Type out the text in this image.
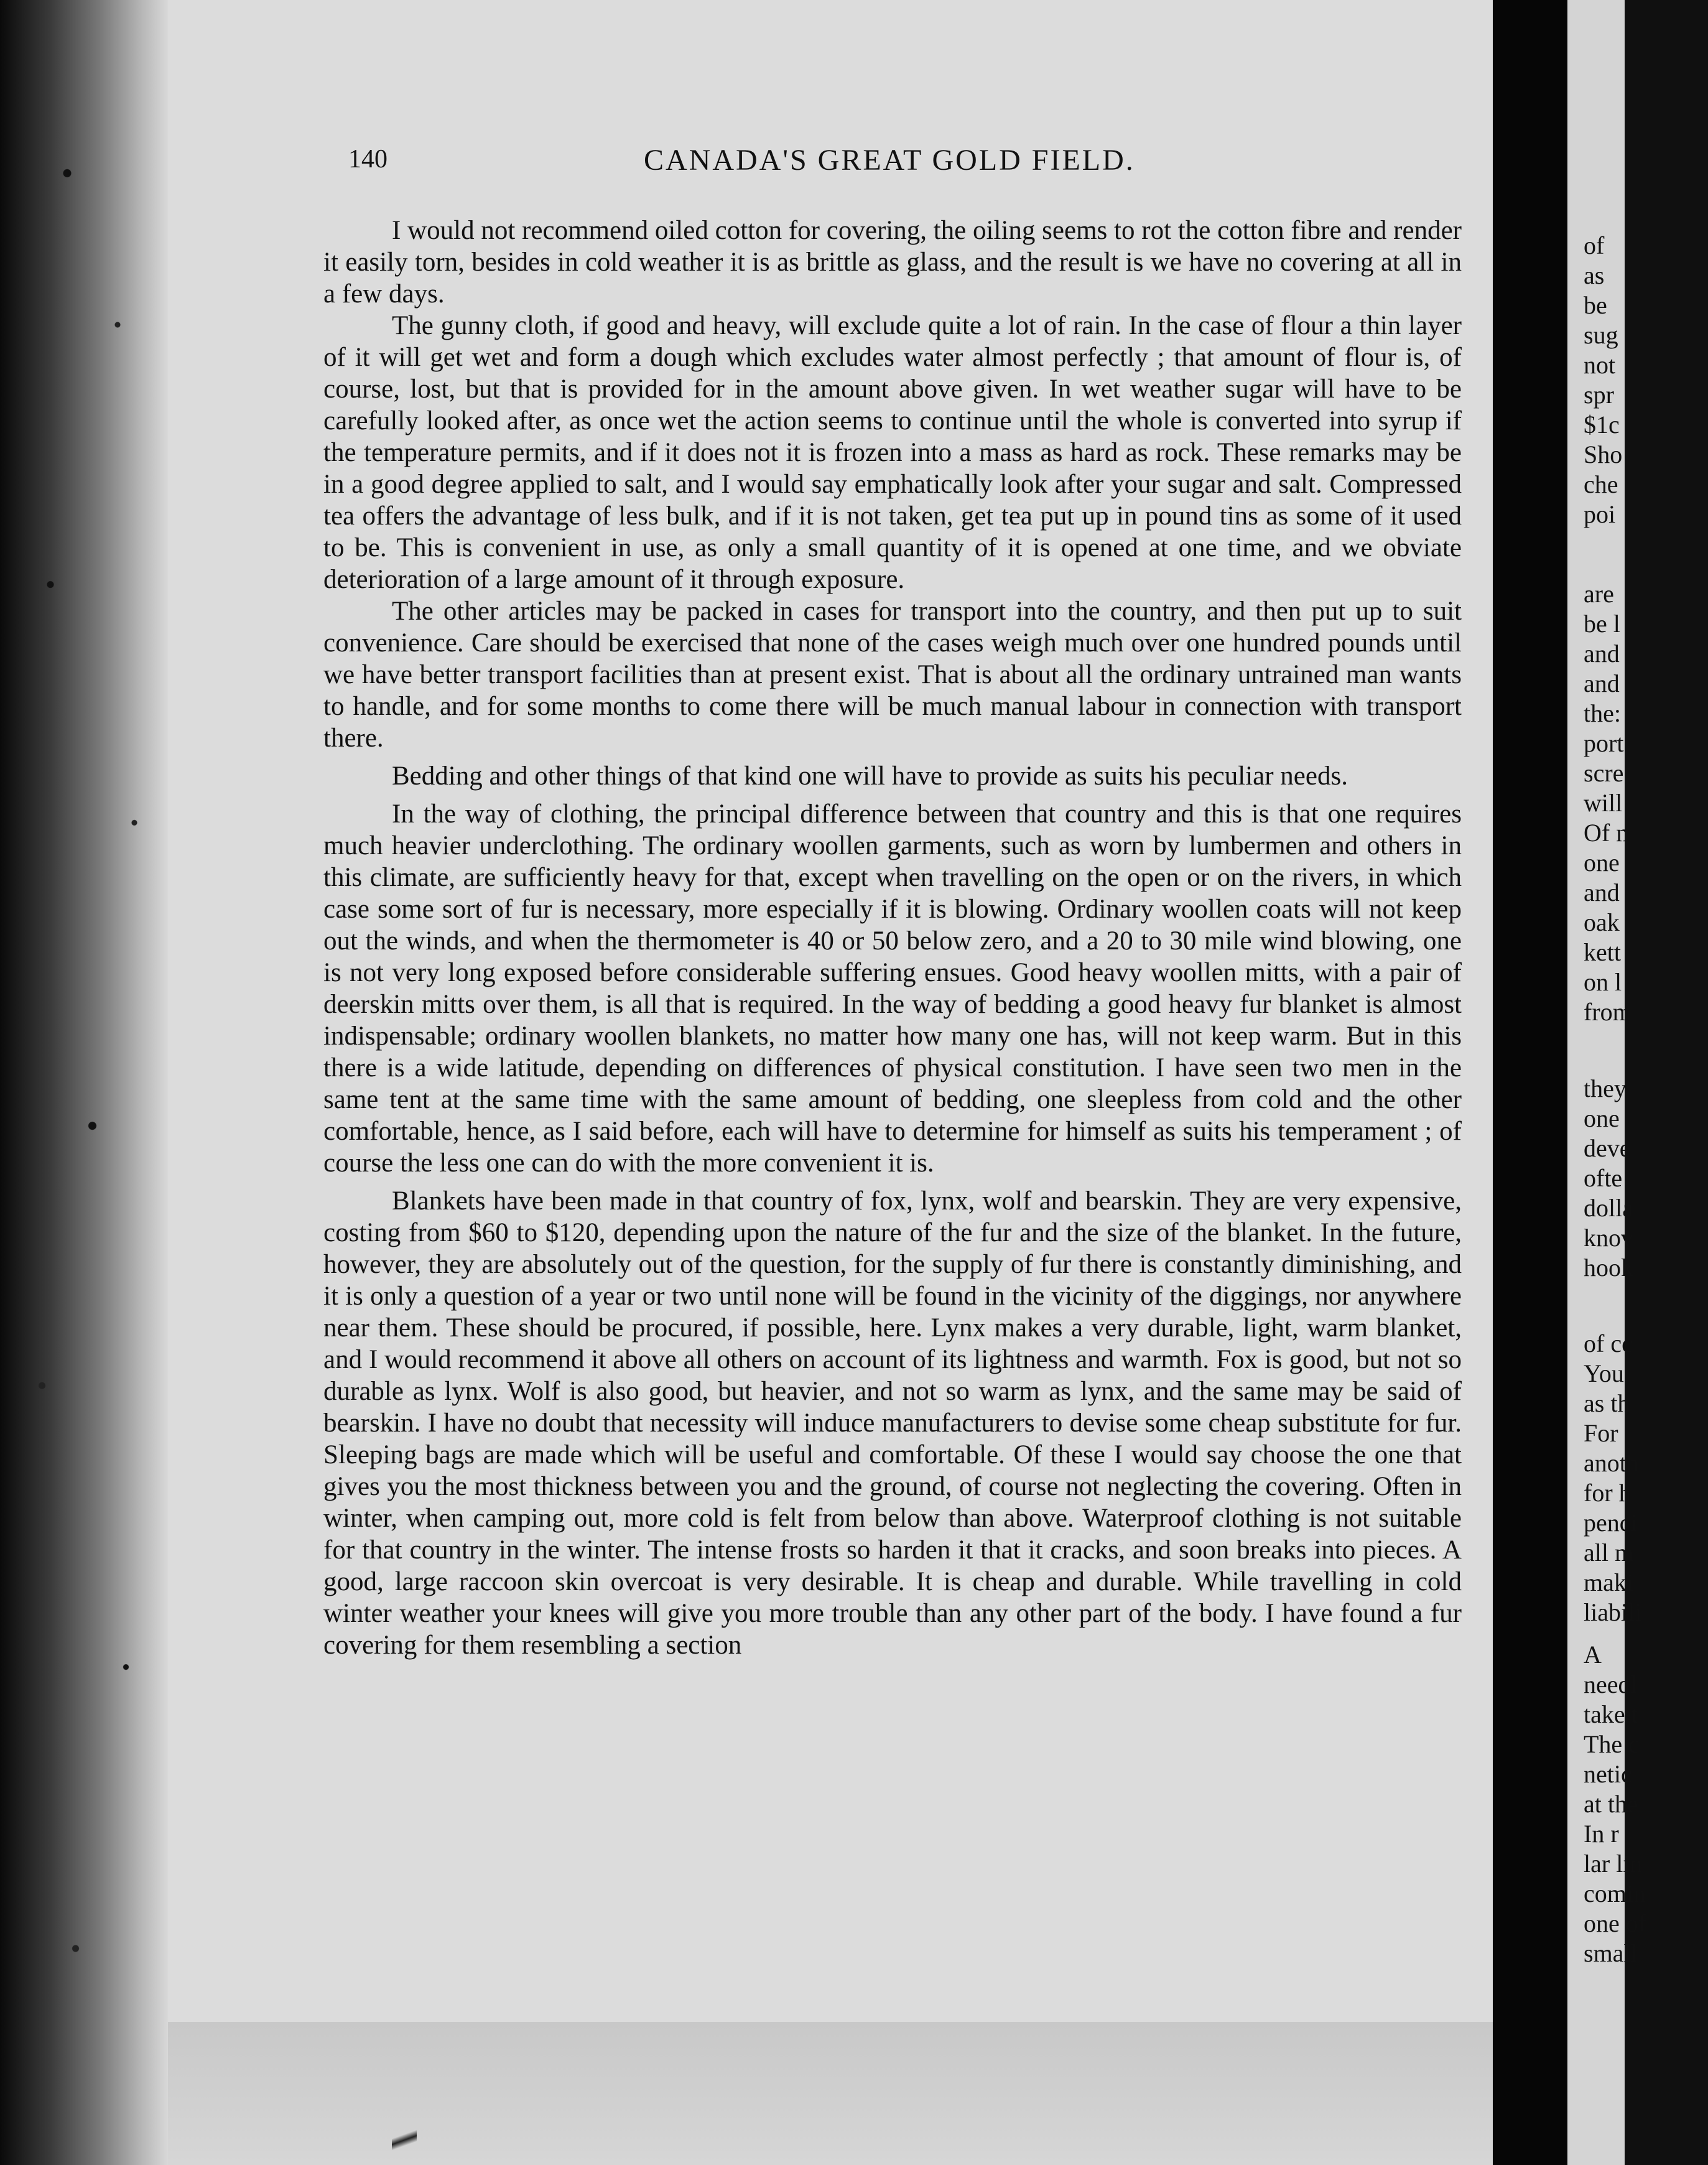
140	CANADA'S GREAT GOLD FIELD.

I would not recommend oiled cotton for covering, the oiling seems to rot the cotton fibre and render it easily torn, besides in cold weather it is as brittle as glass, and the result is we have no covering at all in a few days.

The gunny cloth, if good and heavy, will exclude quite a lot of rain. In the case of flour a thin layer of it will get wet and form a dough which excludes water almost perfectly ; that amount of flour is, of course, lost, but that is provided for in the amount above given. In wet weather sugar will have to be carefully looked after, as once wet the action seems to continue until the whole is converted into syrup if the temperature permits, and if it does not it is frozen into a mass as hard as rock. These remarks may be in a good degree applied to salt, and I would say emphatically look after your sugar and salt. Compressed tea offers the advantage of less bulk, and if it is not taken, get tea put up in pound tins as some of it used to be. This is convenient in use, as only a small quantity of it is opened at one time, and we obviate deterioration of a large amount of it through exposure.

The other articles may be packed in cases for transport into the country, and then put up to suit convenience. Care should be exercised that none of the cases weigh much over one hundred pounds until we have better transport facilities than at present exist. That is about all the ordinary untrained man wants to handle, and for some months to come there will be much manual labour in connection with transport there.

Bedding and other things of that kind one will have to provide as suits his peculiar needs.

In the way of clothing, the principal difference between that country and this is that one requires much heavier underclothing. The ordinary woollen garments, such as worn by lumbermen and others in this climate, are sufficiently heavy for that, except when travelling on the open or on the rivers, in which case some sort of fur is necessary, more especially if it is blowing. Ordinary woollen coats will not keep out the winds, and when the thermometer is 40 or 50 below zero, and a 20 to 30 mile wind blowing, one is not very long exposed before considerable suffering ensues. Good heavy woollen mitts, with a pair of deerskin mitts over them, is all that is required. In the way of bedding a good heavy fur blanket is almost indispensable; ordinary woollen blankets, no matter how many one has, will not keep warm. But in this there is a wide latitude, depending on differences of physical constitution. I have seen two men in the same tent at the same time with the same amount of bedding, one sleepless from cold and the other comfortable, hence, as I said before, each will have to determine for himself as suits his temperament ; of course the less one can do with the more convenient it is.

Blankets have been made in that country of fox, lynx, wolf and bearskin. They are very expensive, costing from $60 to $120, depending upon the nature of the fur and the size of the blanket. In the future, however, they are absolutely out of the question, for the supply of fur there is constantly diminishing, and it is only a question of a year or two until none will be found in the vicinity of the diggings, nor anywhere near them. These should be procured, if possible, here. Lynx makes a very durable, light, warm blanket, and I would recommend it above all others on account of its lightness and warmth. Fox is good, but not so durable as lynx. Wolf is also good, but heavier, and not so warm as lynx, and the same may be said of bearskin. I have no doubt that necessity will induce manufacturers to devise some cheap substitute for fur. Sleeping bags are made which will be useful and comfortable. Of these I would say choose the one that gives you the most thickness between you and the ground, of course not neglecting the covering. Often in winter, when camping out, more cold is felt from below than above. Waterproof clothing is not suitable for that country in the winter. The intense frosts so harden it that it cracks, and soon breaks into pieces. A good, large raccoon skin overcoat is very desirable. It is cheap and durable. While travelling in cold winter weather your knees will give you more trouble than any other part of the body. I have found a fur covering for them resembling a section

of
as
be
sug
not
spr
$1c
Sho
che
poi
are
be l
and
and
the:
port
scre
will
Of n
one
and
oak
kett
on l
from
they
one
deve
ofte
dolla
knov
hook
of cc
You
as th
For
anoth
for h
penci
all m
maki
liabili
A
needl
take t
The c
netic
at the
In r
lar lin
comin
one of
small
